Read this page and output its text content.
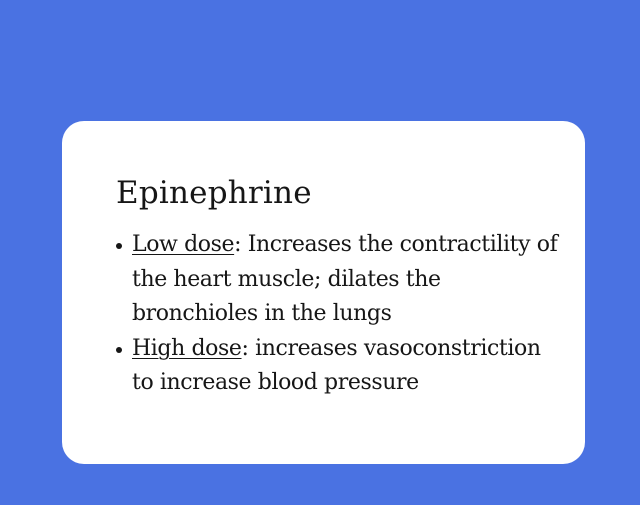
Epinephrine
Low dose: Increases the contractility of the heart muscle; dilates the bronchioles in the lungs
High dose: increases vasoconstriction to increase blood pressure
